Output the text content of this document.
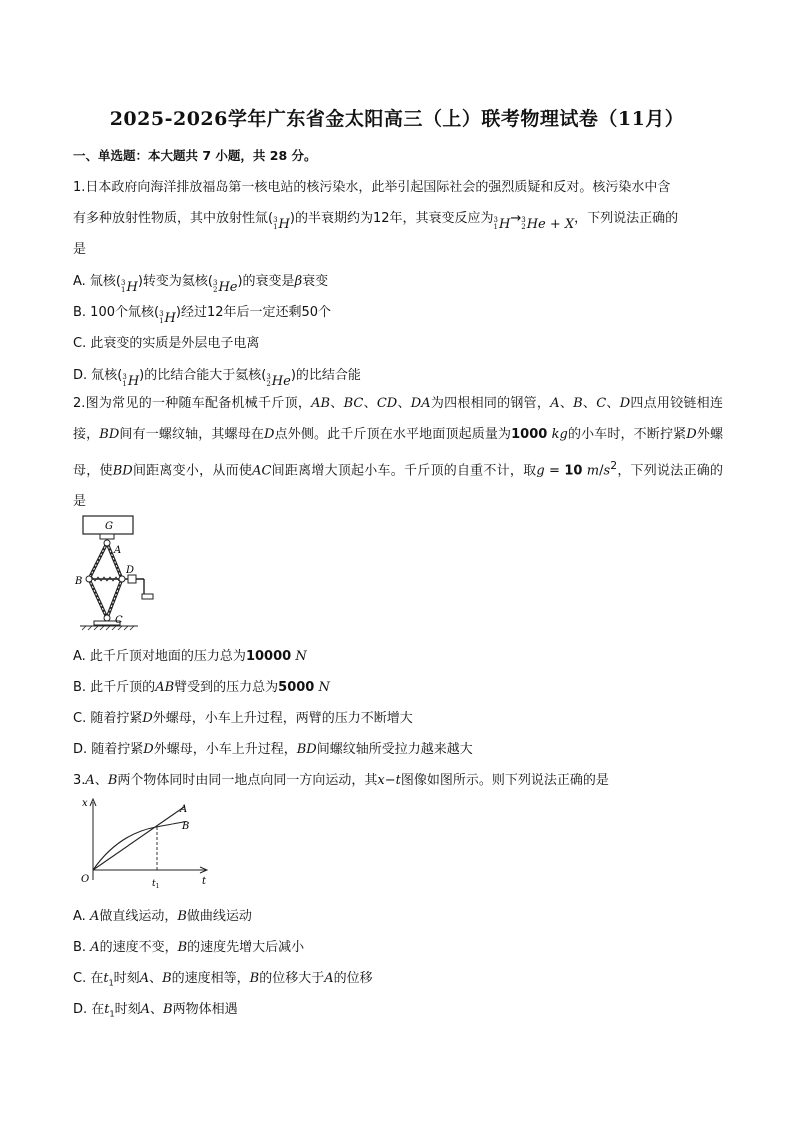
2025-2026学年广东省金太阳高三（上）联考物理试卷（11月）
一、单选题：本大题共 7 小题，共 28 分。
1.日本政府向海洋排放福岛第一核电站的核污染水，此举引起国际社会的强烈质疑和反对。核污染水中含
有多种放射性物质，其中放射性氚( 3
1 H )的半衰期约为12年，其衰变反应为 3
1 H → 3
2 He + X ，下列说法正确的
是
A. 氚核( 3
1 H )转变为氦核( 3
2 He )的衰变是β衰变
B. 100个氚核( 3
1 H )经过12年后一定还剩50个
C. 此衰变的实质是外层电子电离
D. 氚核( 3
1 H )的比结合能大于氦核( 3
2 He )的比结合能
2.图为常见的一种随车配备机械千斤顶，AB、BC、CD、DA为四根相同的钢管，A、B、C、D四点用铰链相连接，BD间有一螺纹轴，其螺母在D点外侧。此千斤顶在水平地面顶起质量为1000 kg的小车时，不断拧紧D外螺母，使BD间距离变小，从而使AC间距离增大顶起小车。千斤顶的自重不计，取g = 10 $m/s^2$，下列说法正确的是
G
A
B
D
C
A. 此千斤顶对地面的压力总为10000 N
B. 此千斤顶的AB臂受到的压力总为5000 N
C. 随着拧紧D外螺母，小车上升过程，两臂的压力不断增大
D. 随着拧紧D外螺母，小车上升过程，BD间螺纹轴所受拉力越来越大
3.A、B两个物体同时由同一地点向同一方向运动，其x−t图像如图所示。则下列说法正确的是
x
t
O	$t_1$
A
B
A. A做直线运动，B做曲线运动
B. A的速度不变，B的速度先增大后减小
C. 在$t_1$时刻A、B的速度相等，B的位移大于A的位移
D. 在$t_1$时刻A、B两物体相遇
